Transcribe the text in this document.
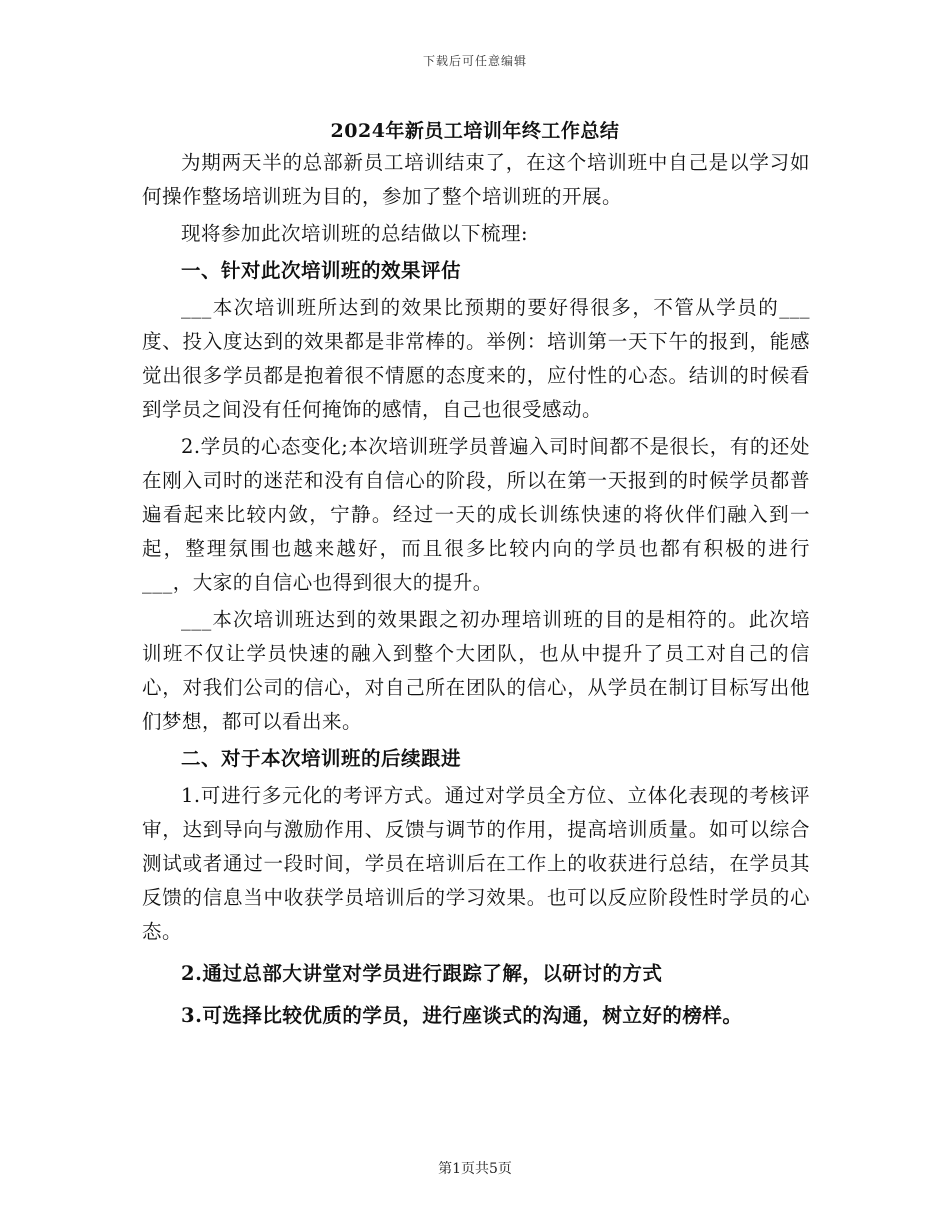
下载后可任意编辑
2024年新员工培训年终工作总结

为期两天半的总部新员工培训结束了，在这个培训班中自己是以学习如何操作整场培训班为目的，参加了整个培训班的开展。

现将参加此次培训班的总结做以下梳理:

一、针对此次培训班的效果评估

___本次培训班所达到的效果比预期的要好得很多，不管从学员的___度、投入度达到的效果都是非常棒的。举例：培训第一天下午的报到，能感觉出很多学员都是抱着很不情愿的态度来的，应付性的心态。结训的时候看到学员之间没有任何掩饰的感情，自己也很受感动。

2.学员的心态变化;本次培训班学员普遍入司时间都不是很长，有的还处在刚入司时的迷茫和没有自信心的阶段，所以在第一天报到的时候学员都普遍看起来比较内敛，宁静。经过一天的成长训练快速的将伙伴们融入到一起，整理氛围也越来越好，而且很多比较内向的学员也都有积极的进行___，大家的自信心也得到很大的提升。

___本次培训班达到的效果跟之初办理培训班的目的是相符的。此次培训班不仅让学员快速的融入到整个大团队，也从中提升了员工对自己的信心，对我们公司的信心，对自己所在团队的信心，从学员在制订目标写出他们梦想，都可以看出来。

二、对于本次培训班的后续跟进

1.可进行多元化的考评方式。通过对学员全方位、立体化表现的考核评审，达到导向与激励作用、反馈与调节的作用，提高培训质量。如可以综合测试或者通过一段时间，学员在培训后在工作上的收获进行总结，在学员其反馈的信息当中收获学员培训后的学习效果。也可以反应阶段性时学员的心态。

2.通过总部大讲堂对学员进行跟踪了解，以研讨的方式

3.可选择比较优质的学员，进行座谈式的沟通，树立好的榜样。

第1页共5页
